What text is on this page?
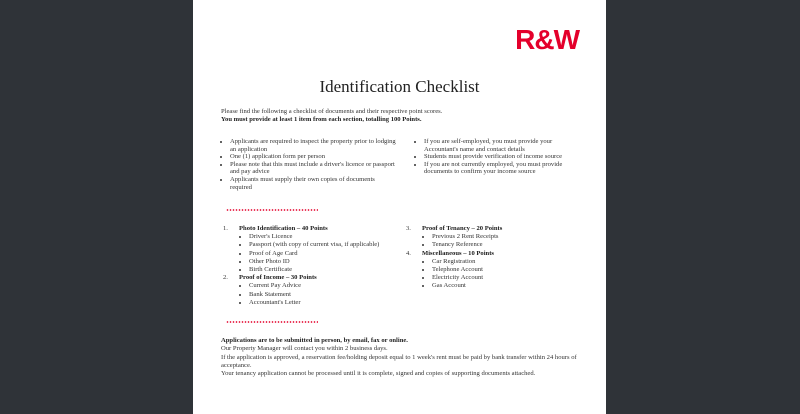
R&W
Identification Checklist
Please find the following a checklist of documents and their respective point scores.
You must provide at least 1 item from each section, totalling 100 Points.
• Applicants are required to inspect the property prior to lodging an application
• One (1) application form per person
• Please note that this must include a driver's licence or passport and pay advice
• Applicants must supply their own copies of documents required
• If you are self-employed, you must provide your Accountant's name and contact details
• Students must provide verification of income source
• If you are not currently employed, you must provide documents to confirm your income source
1. Photo Identification – 40 Points
• Driver's Licence
• Passport (with copy of current visa, if applicable)
• Proof of Age Card
• Other Photo ID
• Birth Certificate
2. Proof of Income – 30 Points
• Current Pay Advice
• Bank Statement
• Accountant's Letter
3. Proof of Tenancy – 20 Points
• Previous 2 Rent Receipts
• Tenancy Reference
4. Miscellaneous – 10 Points
• Car Registration
• Telephone Account
• Electricity Account
• Gas Account
Applications are to be submitted in person, by email, fax or online.
Our Property Manager will contact you within 2 business days.
If the application is approved, a reservation fee/holding deposit equal to 1 week's rent must be paid by bank transfer within 24 hours of acceptance.
Your tenancy application cannot be processed until it is complete, signed and copies of supporting documents attached.
